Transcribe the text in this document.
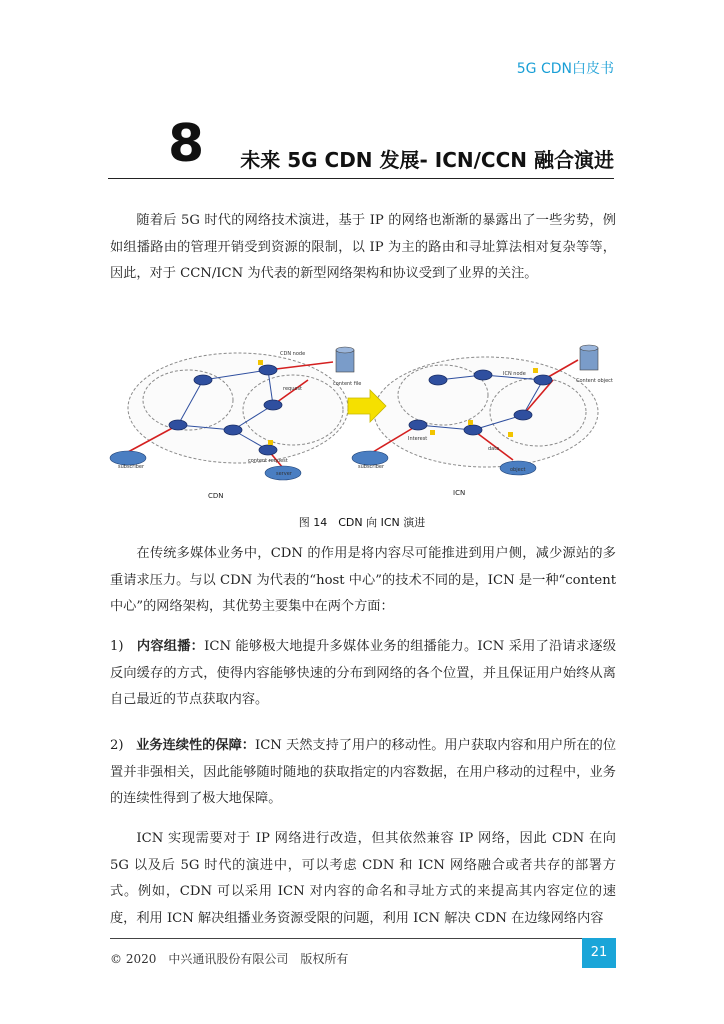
5G CDN白皮书
8 未来 5G CDN 发展- ICN/CCN 融合演进

随着后 5G 时代的网络技术演进，基于 IP 的网络也渐渐的暴露出了一些劣势，例如组播路由的管理开销受到资源的限制，以 IP 为主的路由和寻址算法相对复杂等等，因此，对于 CCN/ICN 为代表的新型网络架构和协议受到了业界的关注。

CDN node
content file
request
content request
subscriber
server
ICN node
Content object
Interest
data
subscriber	object
CDN	ICN
图 14　CDN 向 ICN 演进

在传统多媒体业务中，CDN 的作用是将内容尽可能推进到用户侧，减少源站的多重请求压力。与以 CDN 为代表的“host 中心”的技术不同的是，ICN 是一种“content 中心”的网络架构，其优势主要集中在两个方面：

1) 内容组播：ICN 能够极大地提升多媒体业务的组播能力。ICN 采用了沿请求逐级反向缓存的方式，使得内容能够快速的分布到网络的各个位置，并且保证用户始终从离自己最近的节点获取内容。

2) 业务连续性的保障：ICN 天然支持了用户的移动性。用户获取内容和用户所在的位置并非强相关，因此能够随时随地的获取指定的内容数据，在用户移动的过程中，业务的连续性得到了极大地保障。

ICN 实现需要对于 IP 网络进行改造，但其依然兼容 IP 网络，因此 CDN 在向 5G 以及后 5G 时代的演进中，可以考虑 CDN 和 ICN 网络融合或者共存的部署方式。例如，CDN 可以采用 ICN 对内容的命名和寻址方式的来提高其内容定位的速度，利用 ICN 解决组播业务资源受限的问题，利用 ICN 解决 CDN 在边缘网络内容

© 2020　中兴通讯股份有限公司　版权所有	21
